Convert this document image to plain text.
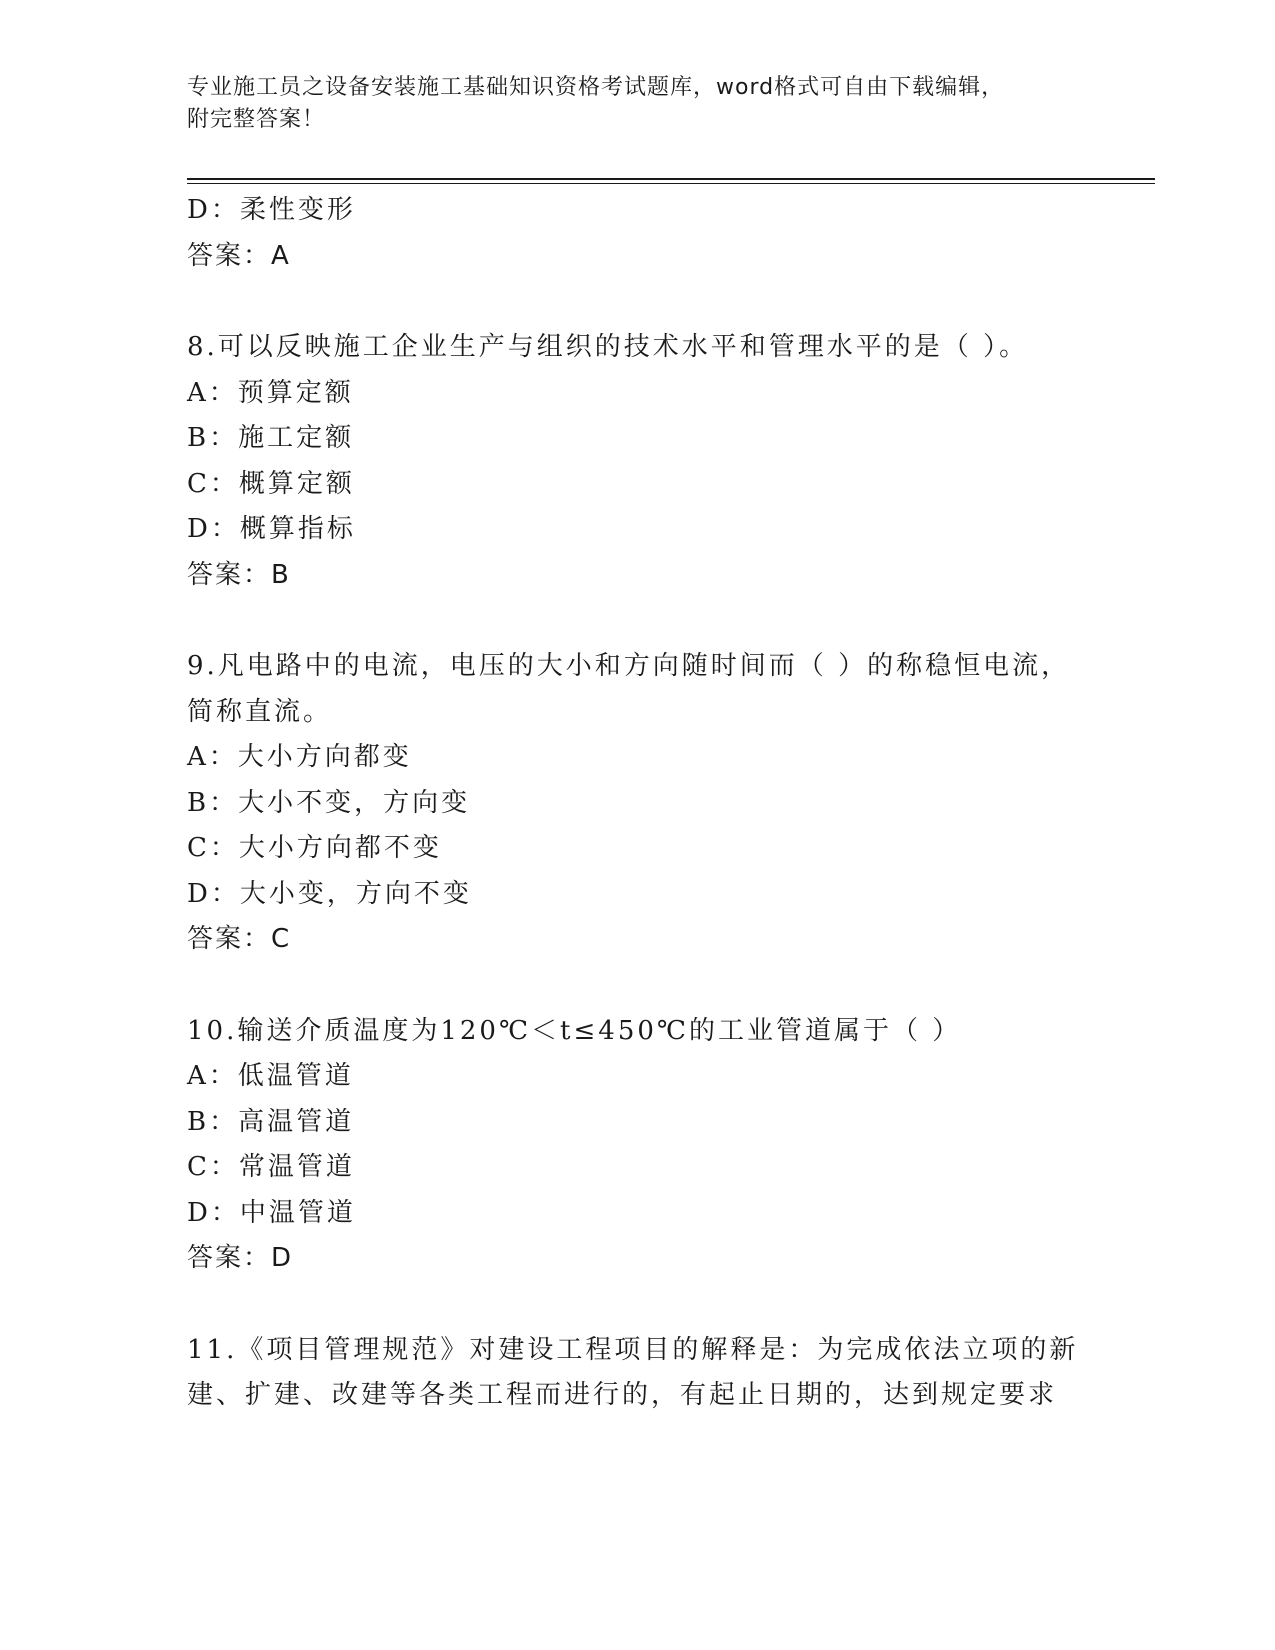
专业施工员之设备安装施工基础知识资格考试题库，word格式可自由下载编辑，
附完整答案！
D：柔性变形
答案：A
8.可以反映施工企业生产与组织的技术水平和管理水平的是（ ）。
A：预算定额
B：施工定额
C：概算定额
D：概算指标
答案：B
9.凡电路中的电流，电压的大小和方向随时间而（ ）的称稳恒电流，
简称直流。
A：大小方向都变
B：大小不变，方向变
C：大小方向都不变
D：大小变，方向不变
答案：C
10.输送介质温度为120℃＜t≤450℃的工业管道属于（ ）
A：低温管道
B：高温管道
C：常温管道
D：中温管道
答案：D
11.《项目管理规范》对建设工程项目的解释是：为完成依法立项的新
建、扩建、改建等各类工程而进行的，有起止日期的，达到规定要求
